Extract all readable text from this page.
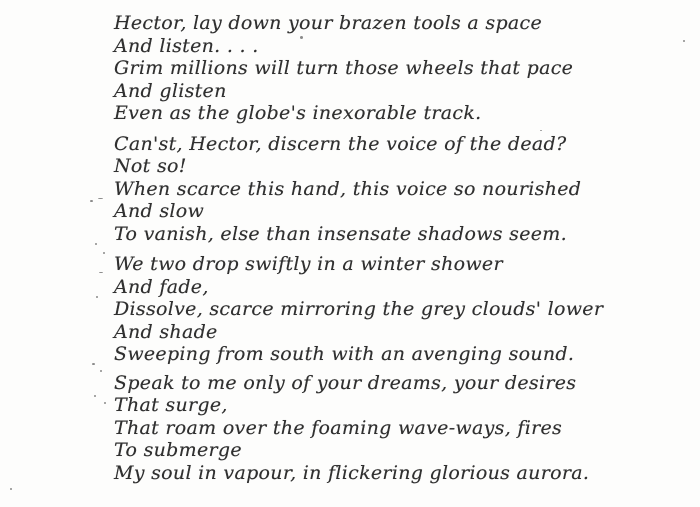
Hector, lay down your brazen tools a space
And listen. . . .
Grim millions will turn those wheels that pace
And glisten
Even as the globe's inexorable track.
Can'st, Hector, discern the voice of the dead?
Not so!
When scarce this hand, this voice so nourished
And slow
To vanish, else than insensate shadows seem.
We two drop swiftly in a winter shower
And fade,
Dissolve, scarce mirroring the grey clouds' lower
And shade
Sweeping from south with an avenging sound.
Speak to me only of your dreams, your desires
That surge,
That roam over the foaming wave-ways, fires
To submerge
My soul in vapour, in flickering glorious aurora.
